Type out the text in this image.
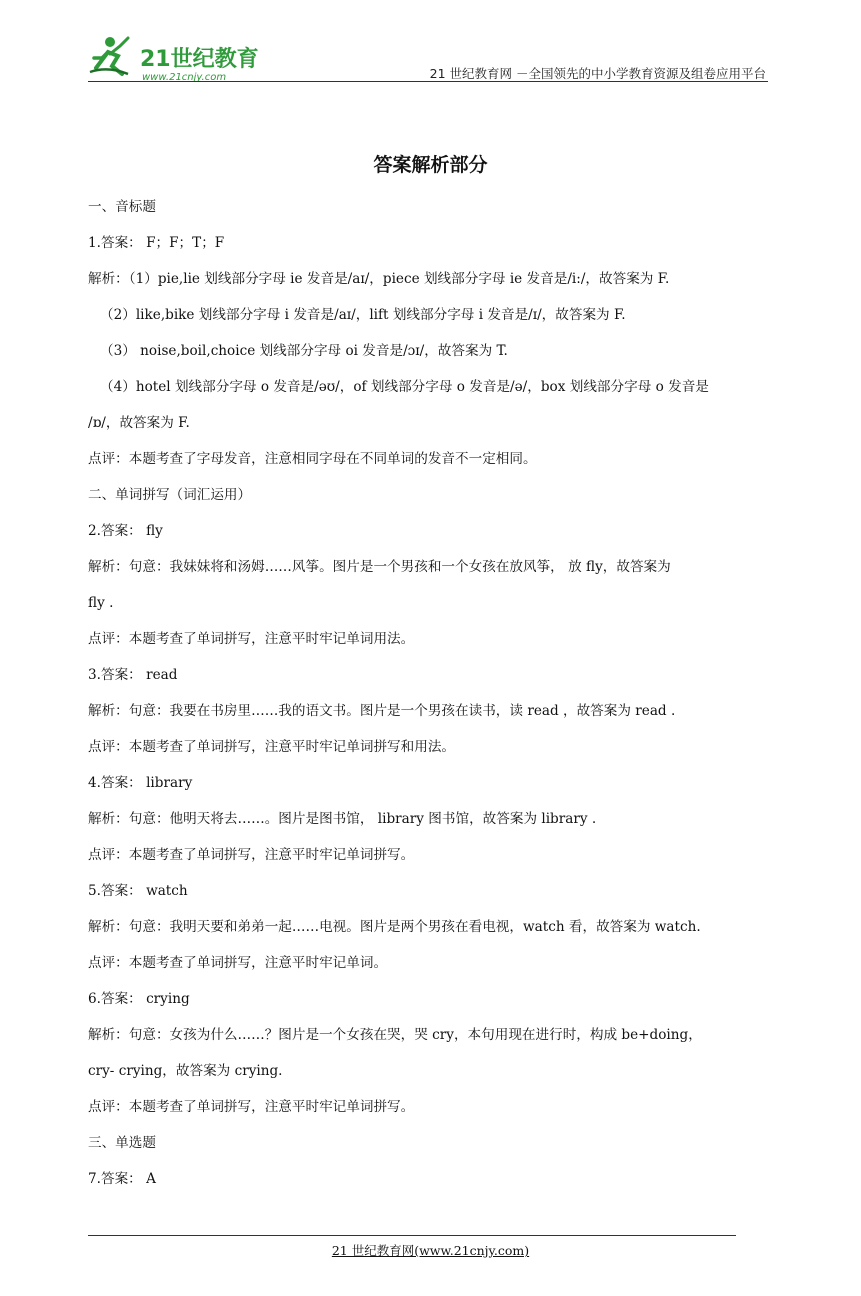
21世纪教育
www.21cnjy.com	21 世纪教育网 －全国领先的中小学教育资源及组卷应用平台
答案解析部分
一、音标题
1.答案： F；F；T；F
解析：（1）pie,lie 划线部分字母 ie 发音是/aɪ/，piece 划线部分字母 ie 发音是/i:/，故答案为 F.
（2）like,bike 划线部分字母 i 发音是/aɪ/，lift 划线部分字母 i 发音是/ɪ/，故答案为 F.
（3） noise,boil,choice 划线部分字母 oi 发音是/ɔɪ/，故答案为 T.
（4）hotel 划线部分字母 o 发音是/əʊ/，of 划线部分字母 o 发音是/ə/，box 划线部分字母 o 发音是
/ɒ/，故答案为 F.
点评：本题考查了字母发音，注意相同字母在不同单词的发音不一定相同。
二、单词拼写（词汇运用）
2.答案： fly
解析：句意：我妹妹将和汤姆……风筝。图片是一个男孩和一个女孩在放风筝， 放 fly，故答案为
fly .
点评：本题考查了单词拼写，注意平时牢记单词用法。
3.答案： read
解析：句意：我要在书房里……我的语文书。图片是一个男孩在读书，读 read ，故答案为 read .
点评：本题考查了单词拼写，注意平时牢记单词拼写和用法。
4.答案： library
解析：句意：他明天将去……。图片是图书馆， library 图书馆，故答案为 library .
点评：本题考查了单词拼写，注意平时牢记单词拼写。
5.答案： watch
解析：句意：我明天要和弟弟一起……电视。图片是两个男孩在看电视，watch 看，故答案为 watch.
点评：本题考查了单词拼写，注意平时牢记单词。
6.答案： crying
解析：句意：女孩为什么……？图片是一个女孩在哭，哭 cry，本句用现在进行时，构成 be+doing，
cry- crying，故答案为 crying.
点评：本题考查了单词拼写，注意平时牢记单词拼写。
三、单选题
7.答案： A
21 世纪教育网(www.21cnjy.com)
